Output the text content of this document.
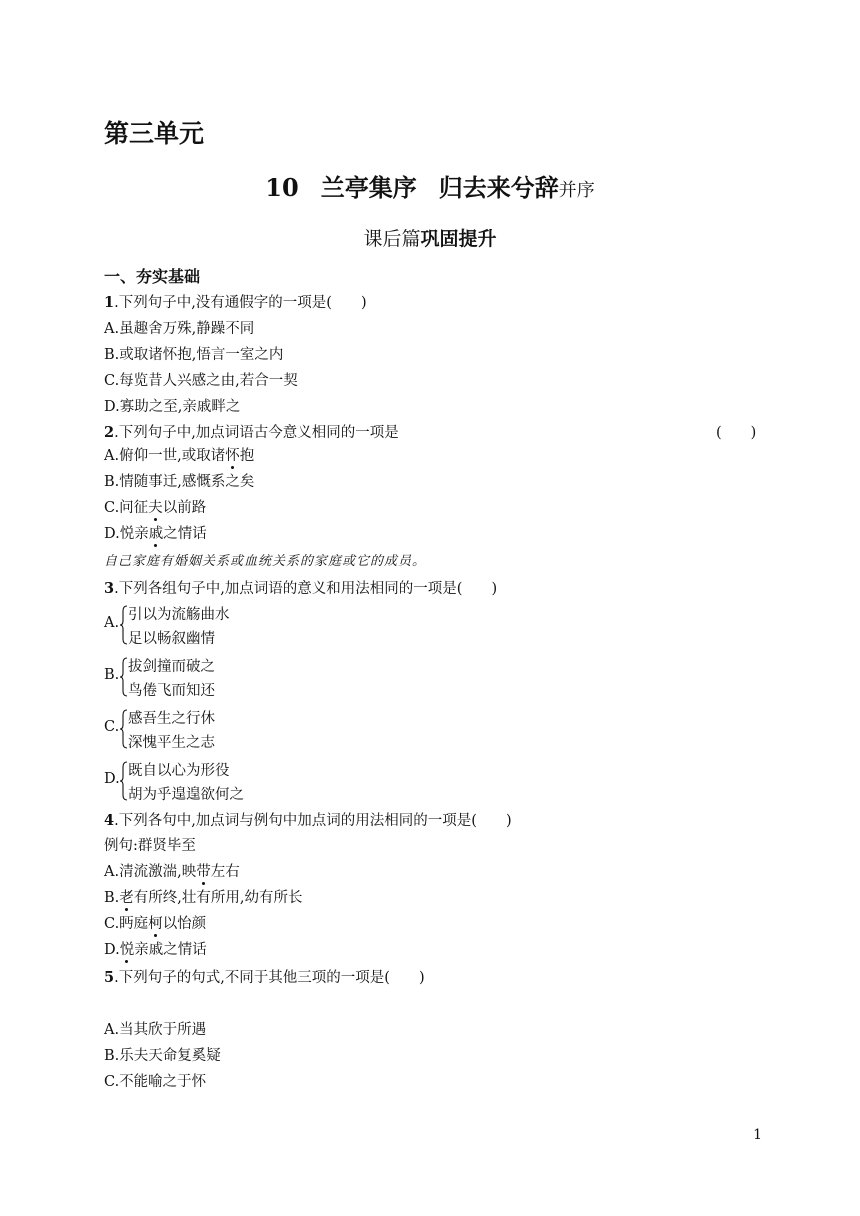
第三单元
10 兰亭集序 归去来兮辞并序
课后篇巩固提升
一、夯实基础
1.下列句子中,没有通假字的一项是(　　)
A.虽趣舍万殊,静躁不同
B.或取诸怀抱,悟言一室之内
C.每览昔人兴感之由,若合一契
D.寡助之至,亲戚畔之
2.下列句子中,加点词语古今意义相同的一项是	(　　)
A.俯仰一世,或取诸怀抱
B.情随事迁,感慨系之矣
C.问征夫以前路
D.悦亲戚之情话
自己家庭有婚姻关系或血统关系的家庭或它的成员。
3.下列各组句子中,加点词语的意义和用法相同的一项是(　　)
A. 引以为流觞曲水
足以畅叙幽情
B. 拔剑撞而破之
鸟倦飞而知还
C. 感吾生之行休
深愧平生之志
D. 既自以心为形役
胡为乎遑遑欲何之
4.下列各句中,加点词与例句中加点词的用法相同的一项是(　　)
例句:群贤毕至
A.清流激湍,映带左右
B.老有所终,壮有所用,幼有所长
C.眄庭柯以怡颜
D.悦亲戚之情话
5.下列句子的句式,不同于其他三项的一项是(　　)
A.当其欣于所遇
B.乐夫天命复奚疑
C.不能喻之于怀
1
